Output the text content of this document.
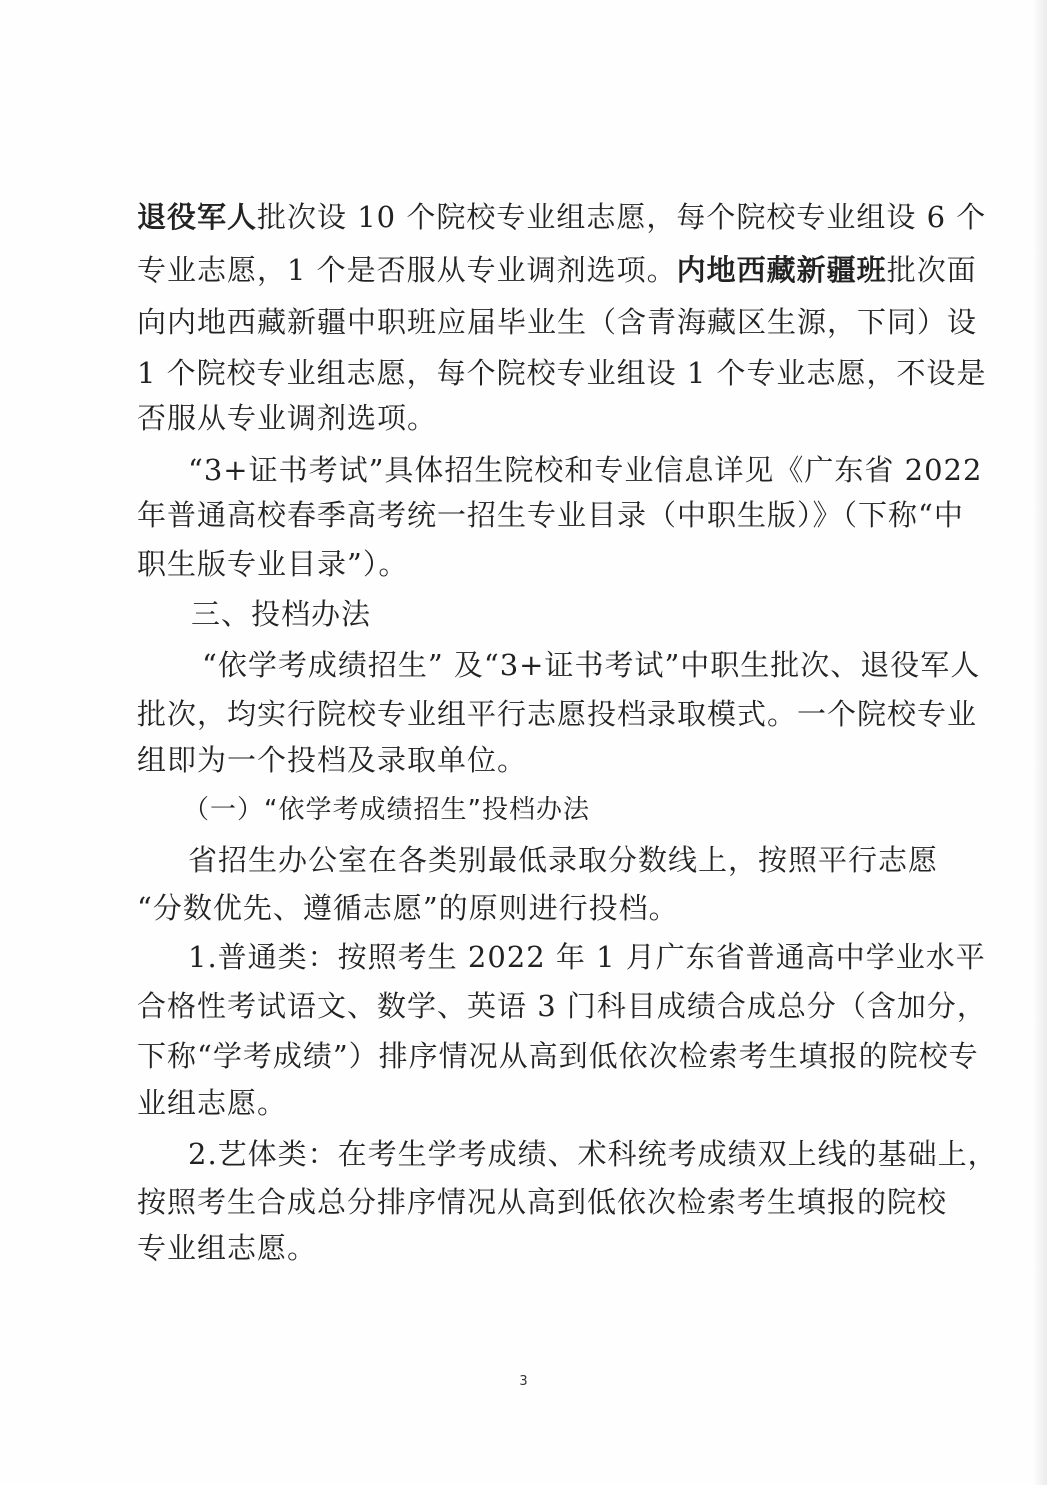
退役军人批次设 10 个院校专业组志愿，每个院校专业组设 6 个
专业志愿，1 个是否服从专业调剂选项。内地西藏新疆班批次面
向内地西藏新疆中职班应届毕业生（含青海藏区生源，下同）设
1 个院校专业组志愿，每个院校专业组设 1 个专业志愿，不设是
否服从专业调剂选项。
“3+证书考试”具体招生院校和专业信息详见《广东省 2022
年普通高校春季高考统一招生专业目录（中职生版）》（下称“中
职生版专业目录”）。
三、投档办法
“依学考成绩招生” 及“3+证书考试”中职生批次、退役军人
批次，均实行院校专业组平行志愿投档录取模式。一个院校专业
组即为一个投档及录取单位。
（一）“依学考成绩招生”投档办法
省招生办公室在各类别最低录取分数线上，按照平行志愿
“分数优先、遵循志愿”的原则进行投档。
1.普通类：按照考生 2022 年 1 月广东省普通高中学业水平
合格性考试语文、数学、英语 3 门科目成绩合成总分（含加分，
下称“学考成绩”）排序情况从高到低依次检索考生填报的院校专
业组志愿。
2.艺体类：在考生学考成绩、术科统考成绩双上线的基础上，
按照考生合成总分排序情况从高到低依次检索考生填报的院校
专业组志愿。
3
